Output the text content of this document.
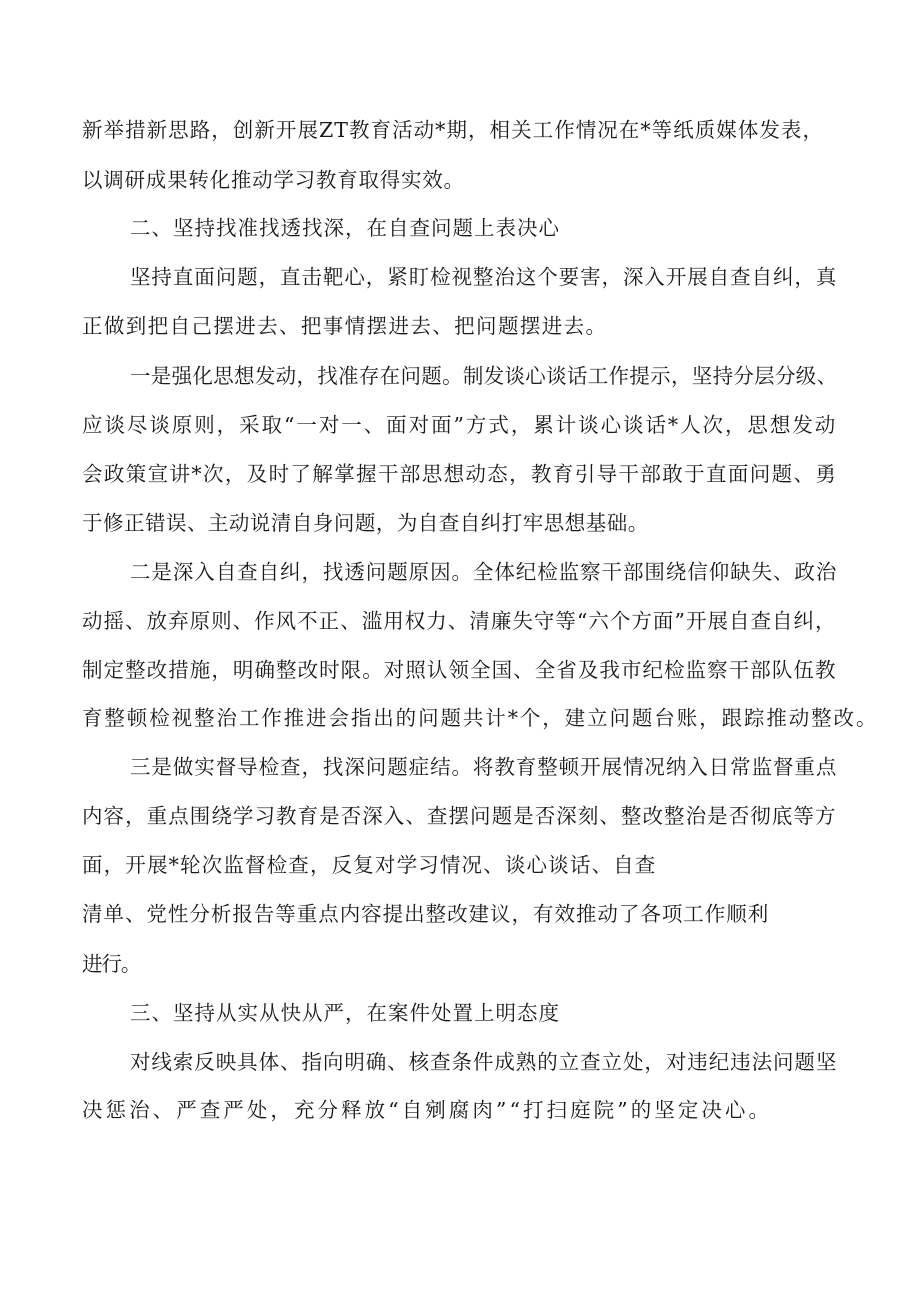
新举措新思路，创新开展ZT教育活动*期，相关工作情况在*等纸质媒体发表，
以调研成果转化推动学习教育取得实效。
二、坚持找准找透找深，在自查问题上表决心
坚持直面问题，直击靶心，紧盯检视整治这个要害，深入开展自查自纠，真
正做到把自己摆进去、把事情摆进去、把问题摆进去。
一是强化思想发动，找准存在问题。制发谈心谈话工作提示，坚持分层分级、
应谈尽谈原则，采取“一对一、面对面”方式，累计谈心谈话*人次，思想发动
会政策宣讲*次，及时了解掌握干部思想动态，教育引导干部敢于直面问题、勇
于修正错误、主动说清自身问题，为自查自纠打牢思想基础。
二是深入自查自纠，找透问题原因。全体纪检监察干部围绕信仰缺失、政治
动摇、放弃原则、作风不正、滥用权力、清廉失守等“六个方面”开展自查自纠，
制定整改措施，明确整改时限。对照认领全国、全省及我市纪检监察干部队伍教
育整顿检视整治工作推进会指出的问题共计*个，建立问题台账，跟踪推动整改。
三是做实督导检查，找深问题症结。将教育整顿开展情况纳入日常监督重点
内容，重点围绕学习教育是否深入、查摆问题是否深刻、整改整治是否彻底等方
面，开展*轮次监督检查，反复对学习情况、谈心谈话、自查
清单、党性分析报告等重点内容提出整改建议，有效推动了各项工作顺利
进行。
三、坚持从实从快从严，在案件处置上明态度
对线索反映具体、指向明确、核查条件成熟的立查立处，对违纪违法问题坚
决惩治、严查严处，充分释放“自剜腐肉”“打扫庭院”的坚定决心。
